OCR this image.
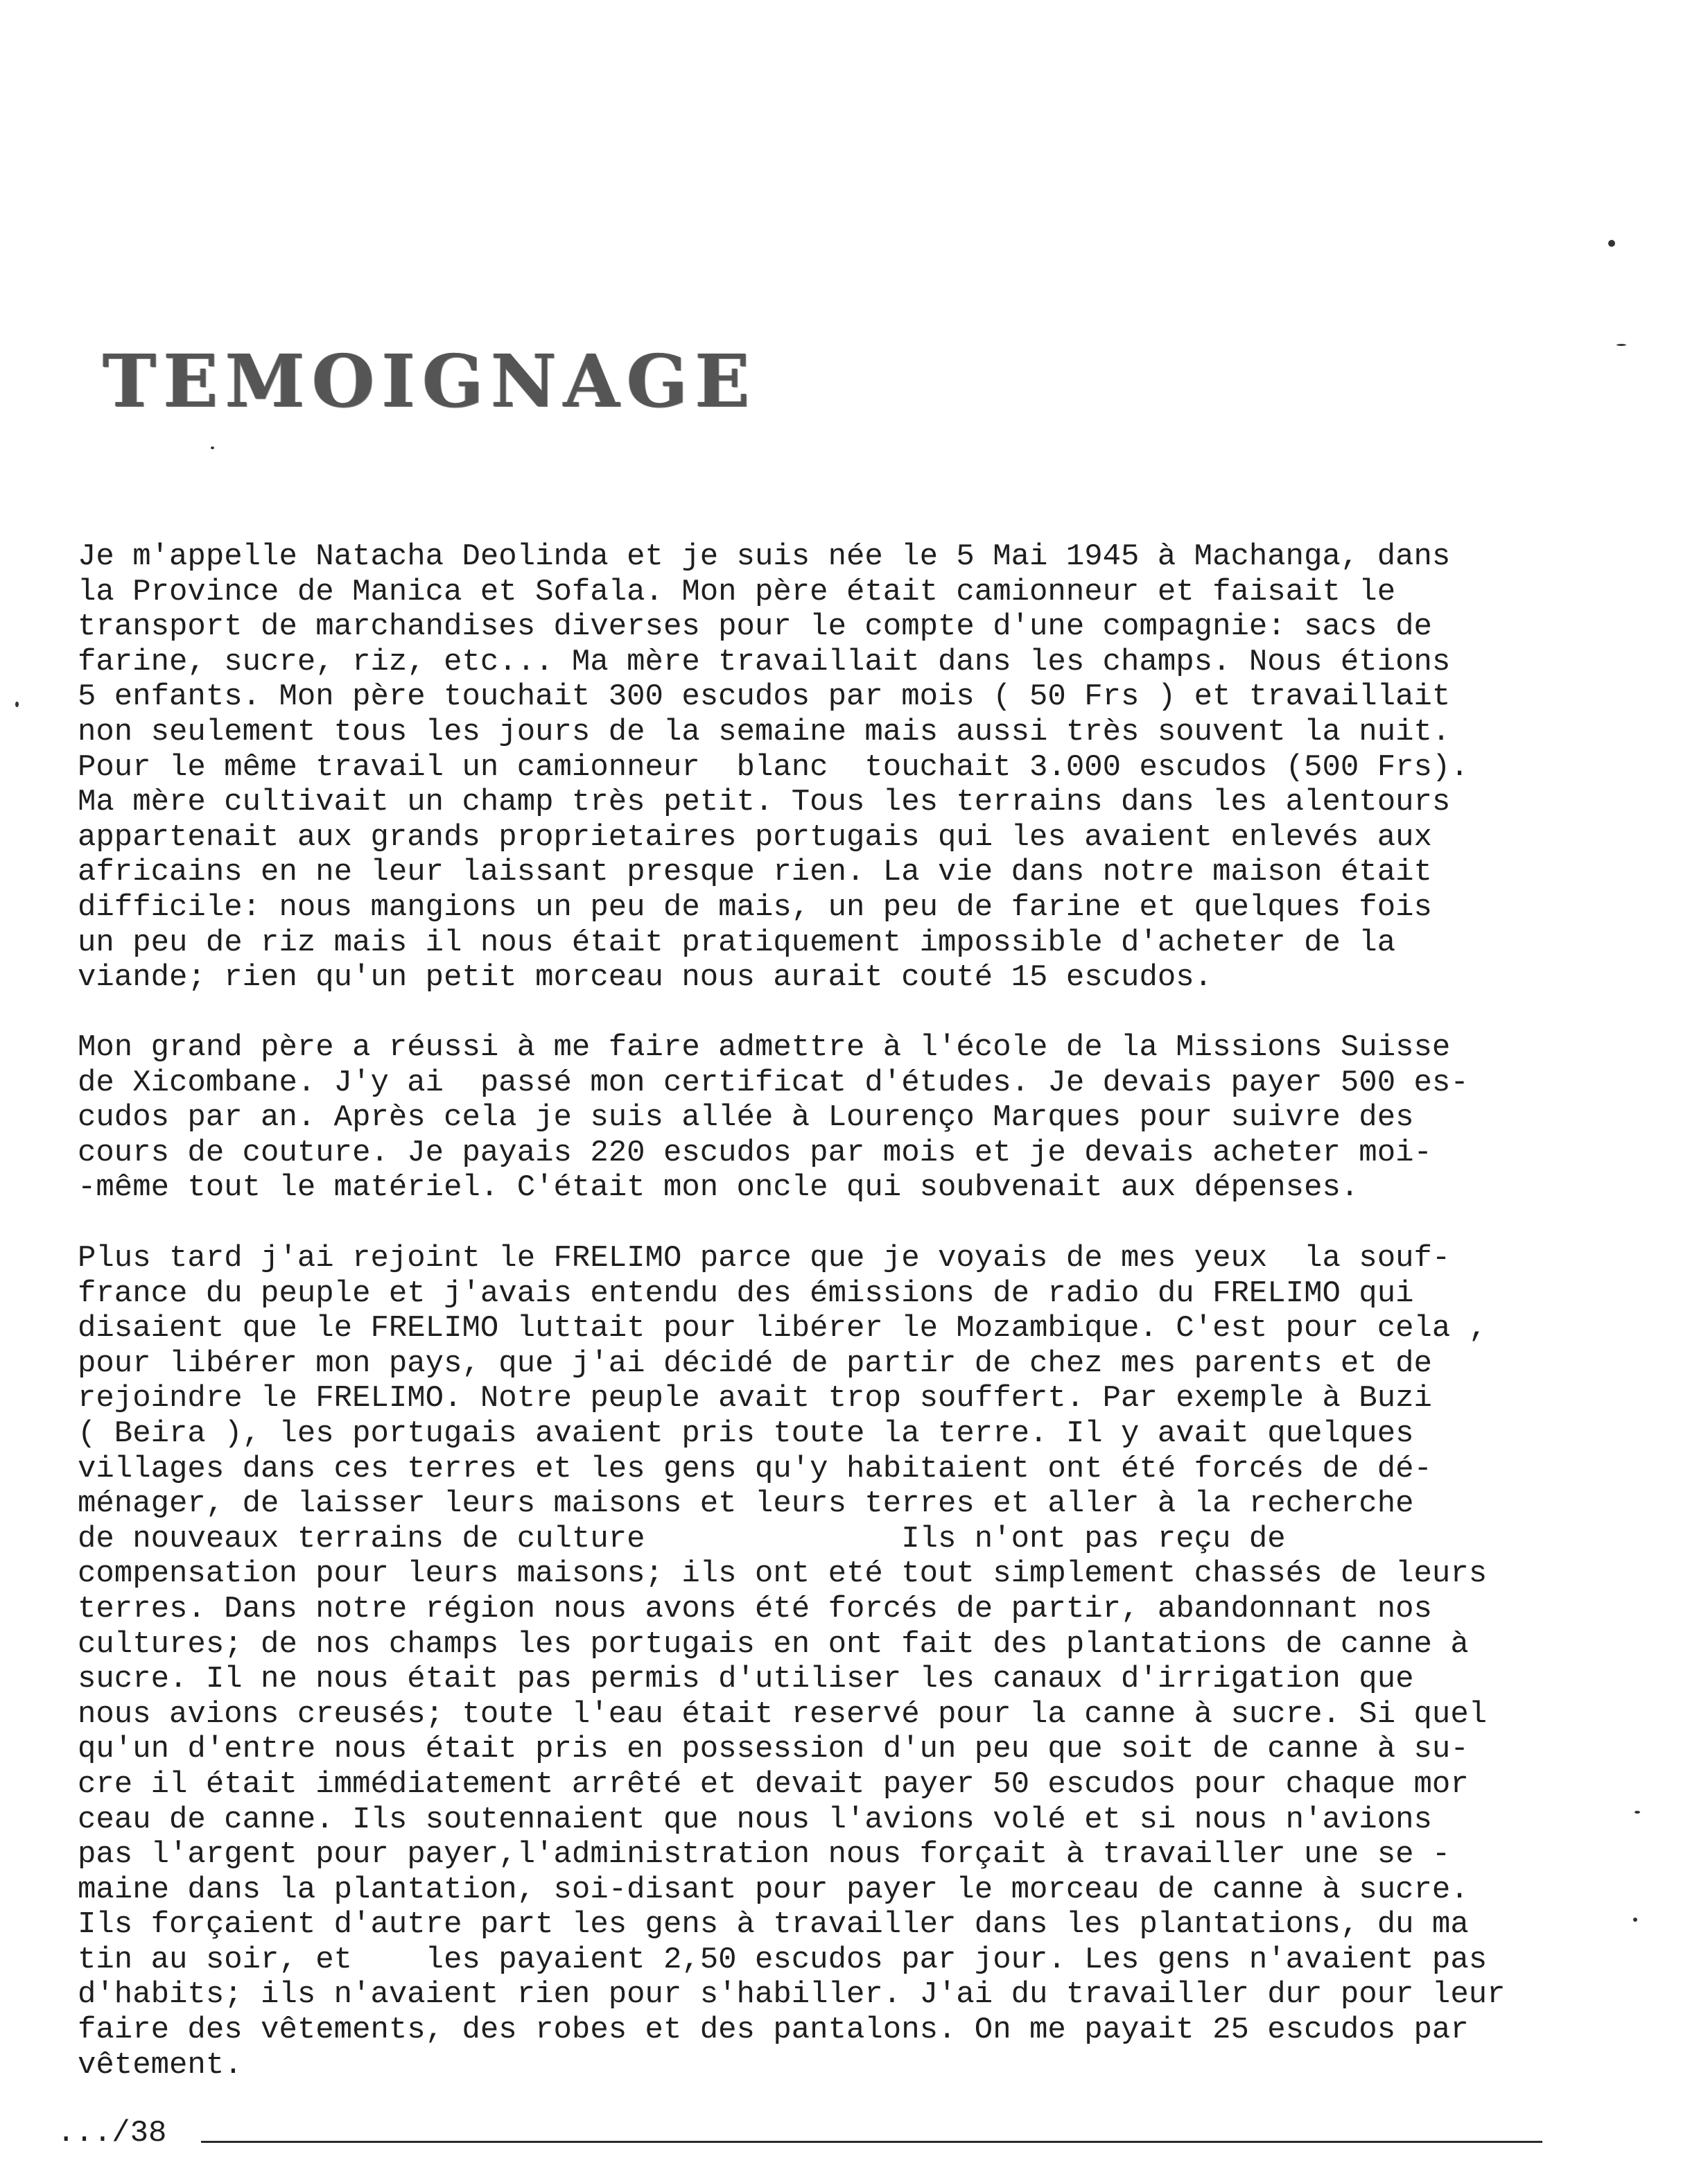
TEMOIGNAGE

Je m'appelle Natacha Deolinda et je suis née le 5 Mai 1945 à Machanga, dans
la Province de Manica et Sofala. Mon père était camionneur et faisait le
transport de marchandises diverses pour le compte d'une compagnie: sacs de
farine, sucre, riz, etc... Ma mère travaillait dans les champs. Nous étions
5 enfants. Mon père touchait 300 escudos par mois ( 50 Frs ) et travaillait
non seulement tous les jours de la semaine mais aussi très souvent la nuit.
Pour le même travail un camionneur  blanc  touchait 3.000 escudos (500 Frs).
Ma mère cultivait un champ très petit. Tous les terrains dans les alentours
appartenait aux grands proprietaires portugais qui les avaient enlevés aux
africains en ne leur laissant presque rien. La vie dans notre maison était
difficile: nous mangions un peu de mais, un peu de farine et quelques fois
un peu de riz mais il nous était pratiquement impossible d'acheter de la
viande; rien qu'un petit morceau nous aurait couté 15 escudos.

Mon grand père a réussi à me faire admettre à l'école de la Missions Suisse
de Xicombane. J'y ai  passé mon certificat d'études. Je devais payer 500 es-
cudos par an. Après cela je suis allée à Lourenço Marques pour suivre des
cours de couture. Je payais 220 escudos par mois et je devais acheter moi-
-même tout le matériel. C'était mon oncle qui soubvenait aux dépenses.

Plus tard j'ai rejoint le FRELIMO parce que je voyais de mes yeux  la souf-
france du peuple et j'avais entendu des émissions de radio du FRELIMO qui
disaient que le FRELIMO luttait pour libérer le Mozambique. C'est pour cela ,
pour libérer mon pays, que j'ai décidé de partir de chez mes parents et de
rejoindre le FRELIMO. Notre peuple avait trop souffert. Par exemple à Buzi
( Beira ), les portugais avaient pris toute la terre. Il y avait quelques
villages dans ces terres et les gens qu'y habitaient ont été forcés de dé-
ménager, de laisser leurs maisons et leurs terres et aller à la recherche
de nouveaux terrains de culture              Ils n'ont pas reçu de
compensation pour leurs maisons; ils ont eté tout simplement chassés de leurs
terres. Dans notre région nous avons été forcés de partir, abandonnant nos
cultures; de nos champs les portugais en ont fait des plantations de canne à
sucre. Il ne nous était pas permis d'utiliser les canaux d'irrigation que
nous avions creusés; toute l'eau était reservé pour la canne à sucre. Si quel
qu'un d'entre nous était pris en possession d'un peu que soit de canne à su-
cre il était immédiatement arrêté et devait payer 50 escudos pour chaque mor
ceau de canne. Ils soutennaient que nous l'avions volé et si nous n'avions
pas l'argent pour payer,l'administration nous forçait à travailler une se -
maine dans la plantation, soi-disant pour payer le morceau de canne à sucre.
Ils forçaient d'autre part les gens à travailler dans les plantations, du ma
tin au soir, et    les payaient 2,50 escudos par jour. Les gens n'avaient pas
d'habits; ils n'avaient rien pour s'habiller. J'ai du travailler dur pour leur
faire des vêtements, des robes et des pantalons. On me payait 25 escudos par
vêtement.

.../38
